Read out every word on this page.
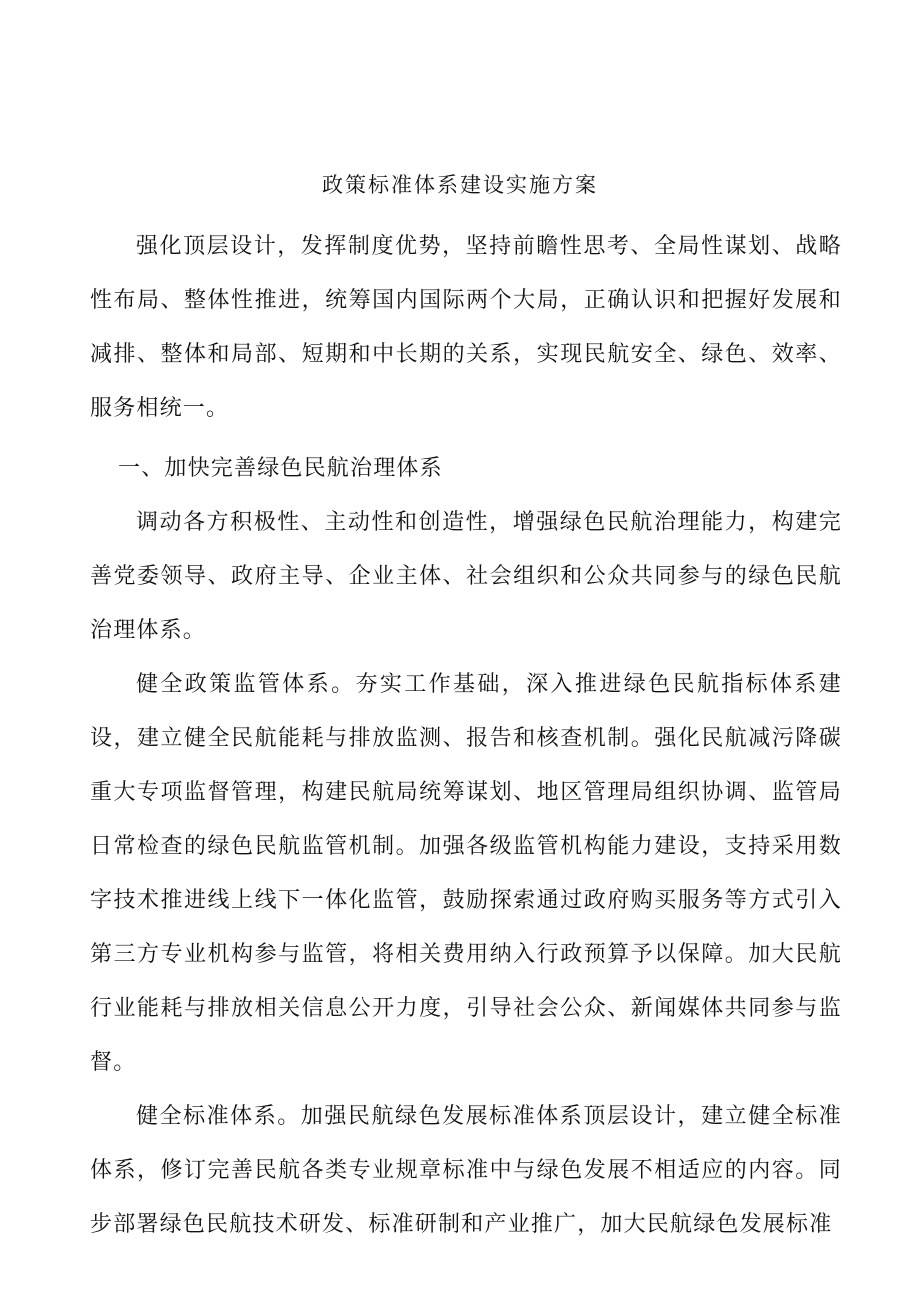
政策标准体系建设实施方案

强化顶层设计，发挥制度优势，坚持前瞻性思考、全局性谋划、战略性布局、整体性推进，统筹国内国际两个大局，正确认识和把握好发展和减排、整体和局部、短期和中长期的关系，实现民航安全、绿色、效率、服务相统一。

一、加快完善绿色民航治理体系

调动各方积极性、主动性和创造性，增强绿色民航治理能力，构建完善党委领导、政府主导、企业主体、社会组织和公众共同参与的绿色民航治理体系。

健全政策监管体系。夯实工作基础，深入推进绿色民航指标体系建设，建立健全民航能耗与排放监测、报告和核查机制。强化民航减污降碳重大专项监督管理，构建民航局统筹谋划、地区管理局组织协调、监管局日常检查的绿色民航监管机制。加强各级监管机构能力建设，支持采用数字技术推进线上线下一体化监管，鼓励探索通过政府购买服务等方式引入第三方专业机构参与监管，将相关费用纳入行政预算予以保障。加大民航行业能耗与排放相关信息公开力度，引导社会公众、新闻媒体共同参与监督。

健全标准体系。加强民航绿色发展标准体系顶层设计，建立健全标准体系，修订完善民航各类专业规章标准中与绿色发展不相适应的内容。同步部署绿色民航技术研发、标准研制和产业推广，加大民航绿色发展标准
